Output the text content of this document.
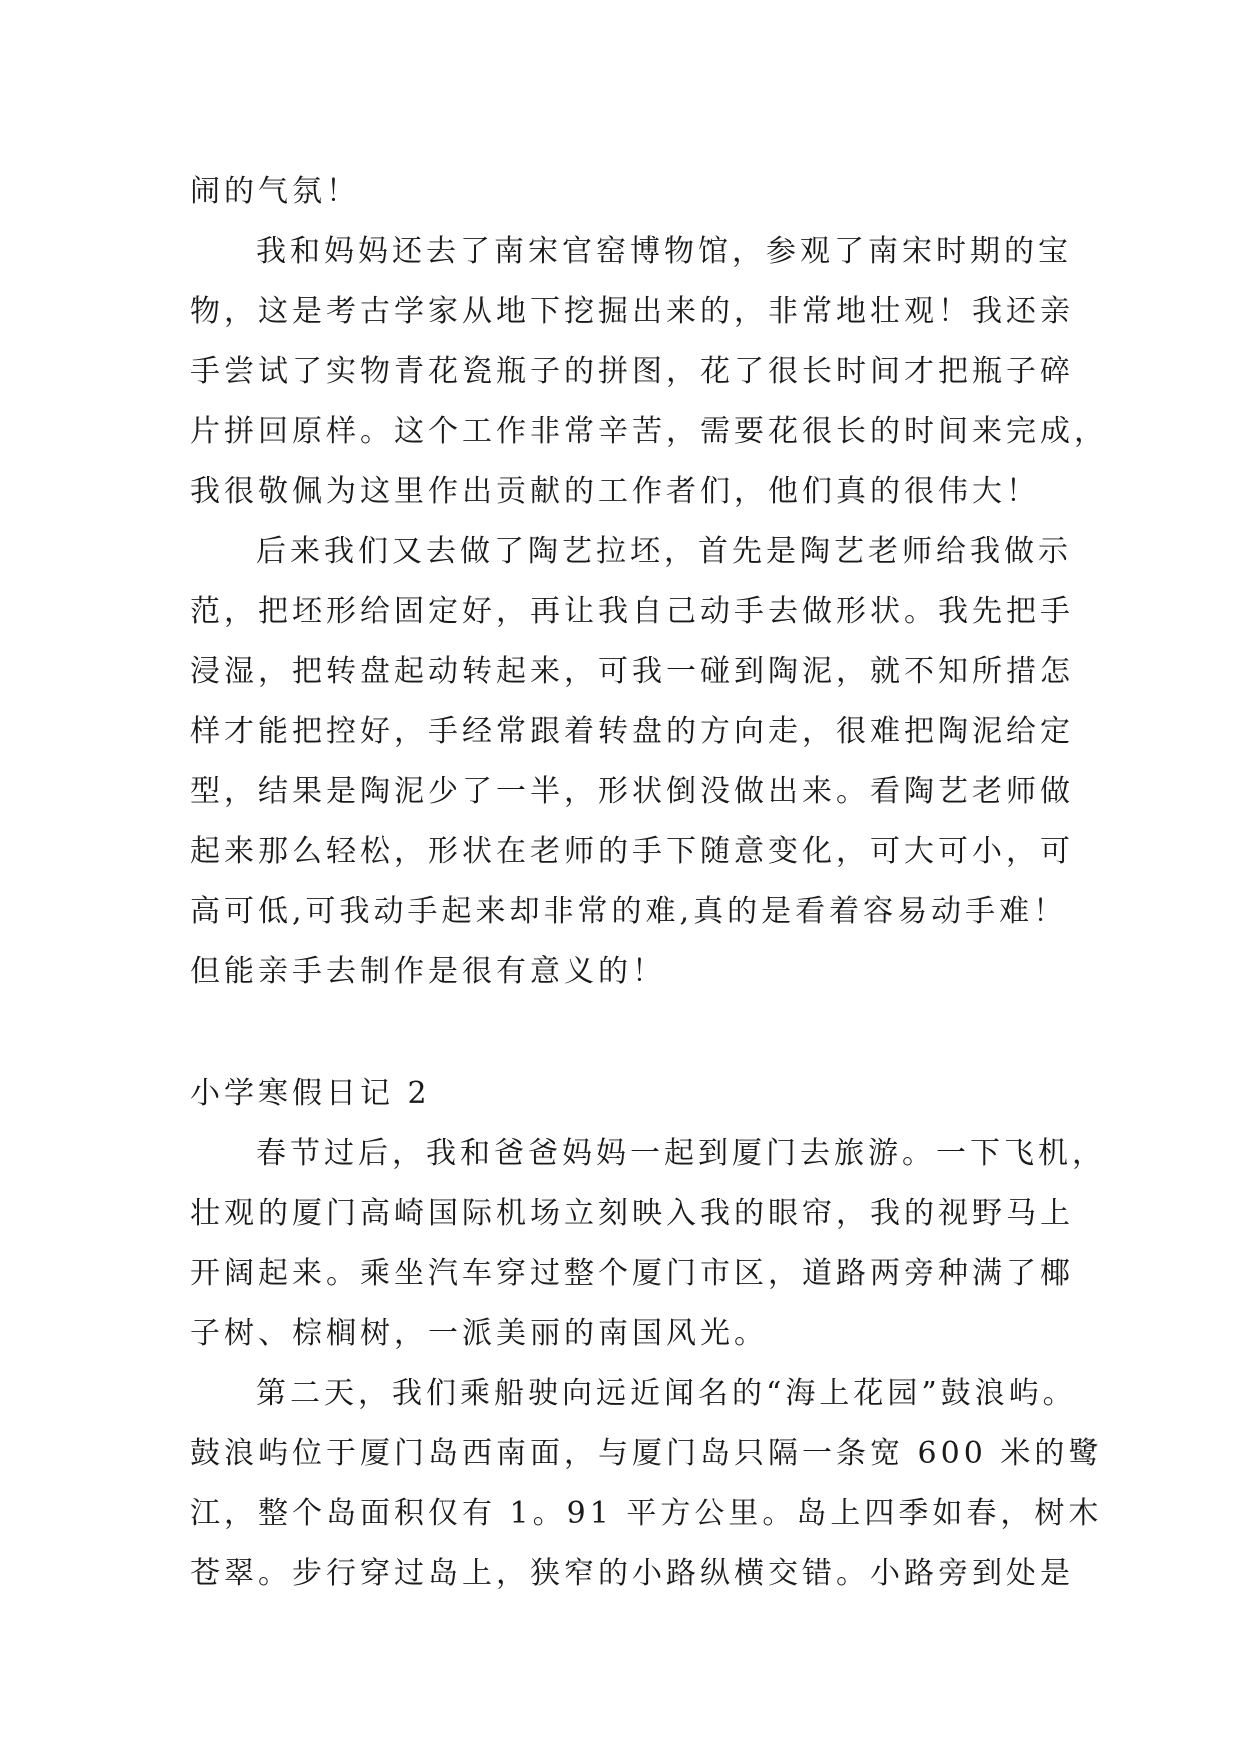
闹的气氛！

我和妈妈还去了南宋官窑博物馆，参观了南宋时期的宝

物，这是考古学家从地下挖掘出来的，非常地壮观！我还亲

手尝试了实物青花瓷瓶子的拼图，花了很长时间才把瓶子碎

片拼回原样。这个工作非常辛苦，需要花很长的时间来完成，

我很敬佩为这里作出贡献的工作者们，他们真的很伟大！

后来我们又去做了陶艺拉坯，首先是陶艺老师给我做示

范，把坯形给固定好，再让我自己动手去做形状。我先把手

浸湿，把转盘起动转起来，可我一碰到陶泥，就不知所措怎

样才能把控好，手经常跟着转盘的方向走，很难把陶泥给定

型，结果是陶泥少了一半，形状倒没做出来。看陶艺老师做

起来那么轻松，形状在老师的手下随意变化，可大可小，可

高可低,可我动手起来却非常的难,真的是看着容易动手难！

但能亲手去制作是很有意义的！

小学寒假日记 2

春节过后，我和爸爸妈妈一起到厦门去旅游。一下飞机，

壮观的厦门高崎国际机场立刻映入我的眼帘，我的视野马上

开阔起来。乘坐汽车穿过整个厦门市区，道路两旁种满了椰

子树、棕榈树，一派美丽的南国风光。

第二天，我们乘船驶向远近闻名的“海上花园”鼓浪屿。

鼓浪屿位于厦门岛西南面，与厦门岛只隔一条宽 600 米的鹭

江，整个岛面积仅有 1。91 平方公里。岛上四季如春，树木

苍翠。步行穿过岛上，狭窄的小路纵横交错。小路旁到处是
